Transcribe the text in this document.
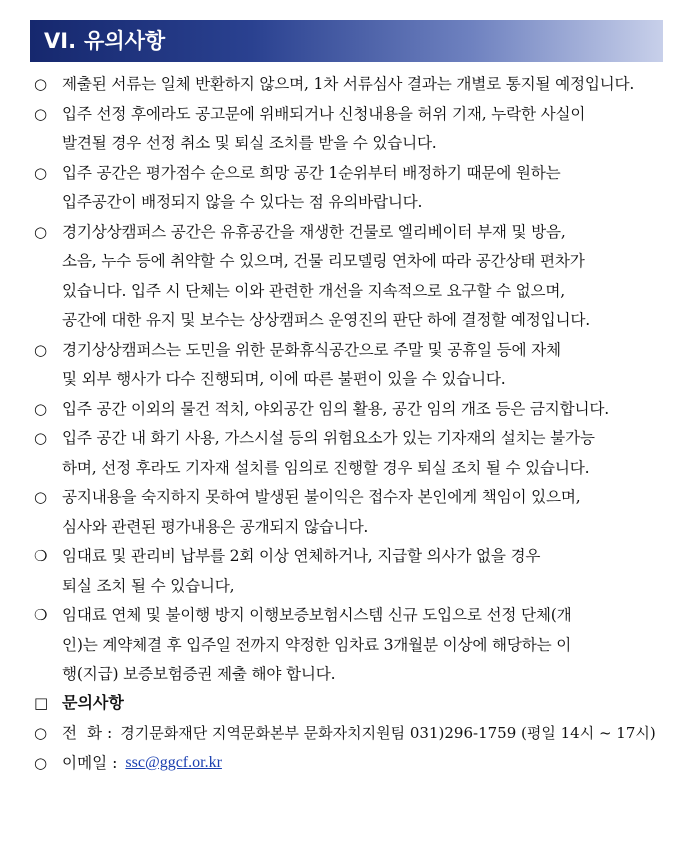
VI. 유의사항
○ 제출된 서류는 일체 반환하지 않으며, 1차 서류심사 결과는 개별로 통지될 예정입니다.
○ 입주 선정 후에라도 공고문에 위배되거나 신청내용을 허위 기재, 누락한 사실이
발견될 경우 선정 취소 및 퇴실 조치를 받을 수 있습니다.
○ 입주 공간은 평가점수 순으로 희망 공간 1순위부터 배정하기 때문에 원하는
입주공간이 배정되지 않을 수 있다는 점 유의바랍니다.
○ 경기상상캠퍼스 공간은 유휴공간을 재생한 건물로 엘리베이터 부재 및 방음,
소음, 누수 등에 취약할 수 있으며, 건물 리모델링 연차에 따라 공간상태 편차가
있습니다. 입주 시 단체는 이와 관련한 개선을 지속적으로 요구할 수 없으며,
공간에 대한 유지 및 보수는 상상캠퍼스 운영진의 판단 하에 결정할 예정입니다.
○ 경기상상캠퍼스는 도민을 위한 문화휴식공간으로 주말 및 공휴일 등에 자체
및 외부 행사가 다수 진행되며, 이에 따른 불편이 있을 수 있습니다.
○ 입주 공간 이외의 물건 적치, 야외공간 임의 활용, 공간 임의 개조 등은 금지합니다.
○ 입주 공간 내 화기 사용, 가스시설 등의 위험요소가 있는 기자재의 설치는 불가능
하며, 선정 후라도 기자재 설치를 임의로 진행할 경우 퇴실 조치 될 수 있습니다.
○ 공지내용을 숙지하지 못하여 발생된 불이익은 접수자 본인에게 책임이 있으며,
심사와 관련된 평가내용은 공개되지 않습니다.
❍ 임대료 및 관리비 납부를 2회 이상 연체하거나, 지급할 의사가 없을 경우
퇴실 조치 될 수 있습니다,
❍ 임대료 연체 및 불이행 방지 이행보증보험시스템 신규 도입으로 선정 단체(개
인)는 계약체결 후 입주일 전까지 약정한 임차료 3개월분 이상에 해당하는 이
행(지급) 보증보험증권 제출 해야 합니다.
□ 문의사항
○ 전  화 : 경기문화재단 지역문화본부 문화자치지원팀 031)296-1759 (평일 14시 ~ 17시)
○ 이메일 : ssc@ggcf.or.kr
